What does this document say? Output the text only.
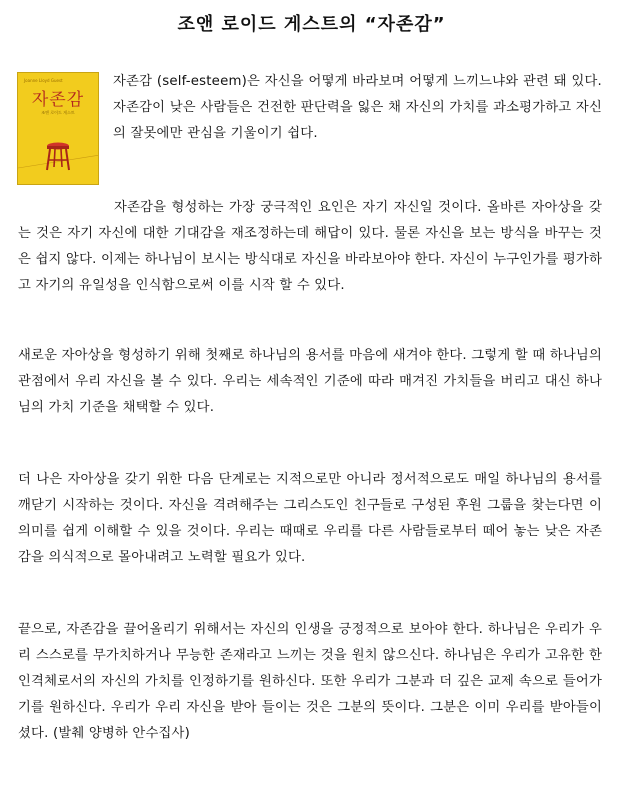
조앤 로이드 게스트의 “자존감”
Joanne Lloyd Guest
자존감
조앤 로이드 게스트

자존감 (self-esteem)은 자신을 어떻게 바라보며 어떻게 느끼느냐와 관련 돼 있다. 자존감이 낮은 사람들은 건전한 판단력을 잃은 채 자신의 가치를 과소평가하고 자신의 잘못에만 관심을 기울이기 쉽다.

자존감을 형성하는 가장 궁극적인 요인은 자기 자신일 것이다. 올바른 자아상을 갖는 것은 자기 자신에 대한 기대감을 재조정하는데 해답이 있다. 물론 자신을 보는 방식을 바꾸는 것은 쉽지 않다. 이제는 하나님이 보시는 방식대로 자신을 바라보아야 한다. 자신이 누구인가를 평가하고 자기의 유일성을 인식함으로써 이를 시작 할 수 있다.

새로운 자아상을 형성하기 위해 첫째로 하나님의 용서를 마음에 새겨야 한다. 그렇게 할 때 하나님의 관점에서 우리 자신을 볼 수 있다. 우리는 세속적인 기준에 따라 매겨진 가치들을 버리고 대신 하나님의 가치 기준을 채택할 수 있다.

더 나은 자아상을 갖기 위한 다음 단계로는 지적으로만 아니라 정서적으로도 매일 하나님의 용서를 깨닫기 시작하는 것이다. 자신을 격려해주는 그리스도인 친구들로 구성된 후원 그룹을 찾는다면 이 의미를 쉽게 이해할 수 있을 것이다. 우리는 때때로 우리를 다른 사람들로부터 떼어 놓는 낮은 자존감을 의식적으로 몰아내려고 노력할 필요가 있다.

끝으로, 자존감을 끌어올리기 위해서는 자신의 인생을 긍정적으로 보아야 한다. 하나님은 우리가 우리 스스로를 무가치하거나 무능한 존재라고 느끼는 것을 원치 않으신다. 하나님은 우리가 고유한 한 인격체로서의 자신의 가치를 인정하기를 원하신다. 또한 우리가 그분과 더 깊은 교제 속으로 들어가기를 원하신다. 우리가 우리 자신을 받아 들이는 것은 그분의 뜻이다. 그분은 이미 우리를 받아들이셨다. (발췌 양병하 안수집사)
